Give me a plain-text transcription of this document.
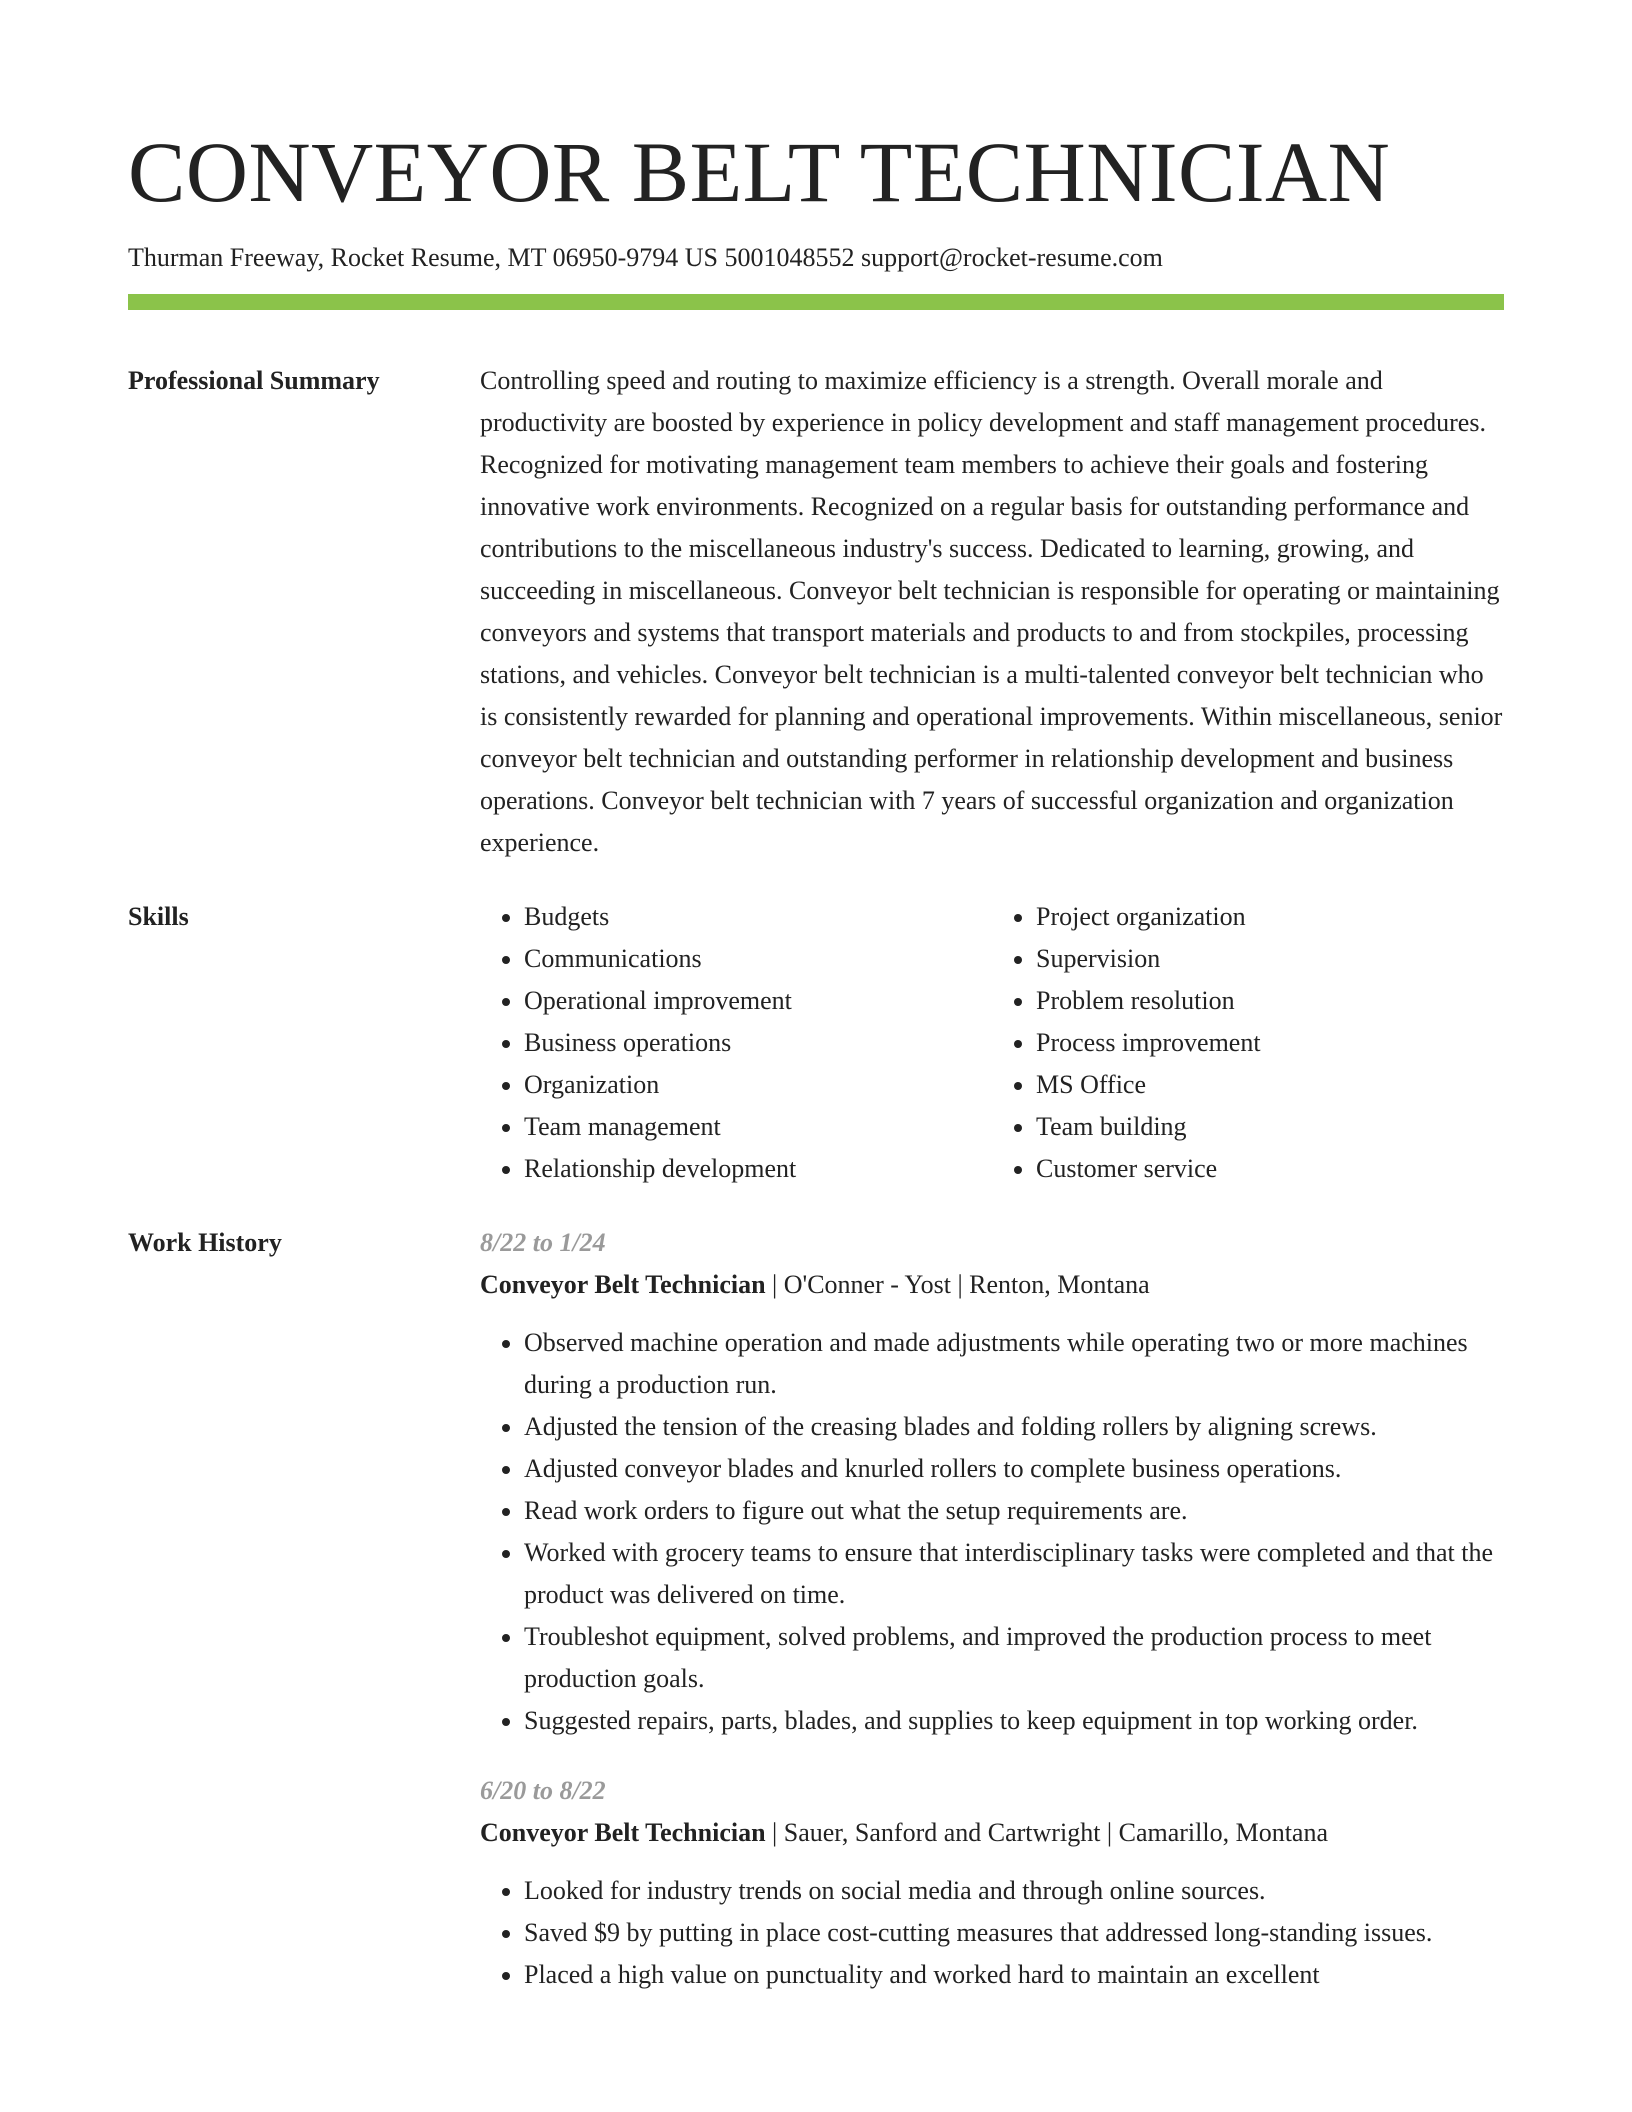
CONVEYOR BELT TECHNICIAN
Thurman Freeway, Rocket Resume, MT 06950-9794 US 5001048552 support@rocket-resume.com
Professional Summary	Controlling speed and routing to maximize efficiency is a strength. Overall morale and productivity are boosted by experience in policy development and staff management procedures. Recognized for motivating management team members to achieve their goals and fostering innovative work environments. Recognized on a regular basis for outstanding performance and contributions to the miscellaneous industry's success. Dedicated to learning, growing, and succeeding in miscellaneous. Conveyor belt technician is responsible for operating or maintaining conveyors and systems that transport materials and products to and from stockpiles, processing stations, and vehicles. Conveyor belt technician is a multi-talented conveyor belt technician who is consistently rewarded for planning and operational improvements. Within miscellaneous, senior conveyor belt technician and outstanding performer in relationship development and business operations. Conveyor belt technician with 7 years of successful organization and organization experience.

Skills
•	Budgets
• Communications
• Operational improvement
• Business operations
• Organization
• Team management
• Relationship development
• Project organization
• Supervision
• Problem resolution
• Process improvement
• MS Office
• Team building
• Customer service
Work History	8/22 to 1/24
Conveyor Belt Technician | O'Conner - Yost | Renton, Montana
• Observed machine operation and made adjustments while operating two or more machines during a production run.
• Adjusted the tension of the creasing blades and folding rollers by aligning screws.
• Adjusted conveyor blades and knurled rollers to complete business operations.
• Read work orders to figure out what the setup requirements are.
• Worked with grocery teams to ensure that interdisciplinary tasks were completed and that the product was delivered on time.
• Troubleshot equipment, solved problems, and improved the production process to meet production goals.
• Suggested repairs, parts, blades, and supplies to keep equipment in top working order.
6/20 to 8/22
Conveyor Belt Technician | Sauer, Sanford and Cartwright | Camarillo, Montana
• Looked for industry trends on social media and through online sources.
• Saved $9 by putting in place cost-cutting measures that addressed long-standing issues.
• Placed a high value on punctuality and worked hard to maintain an excellent
